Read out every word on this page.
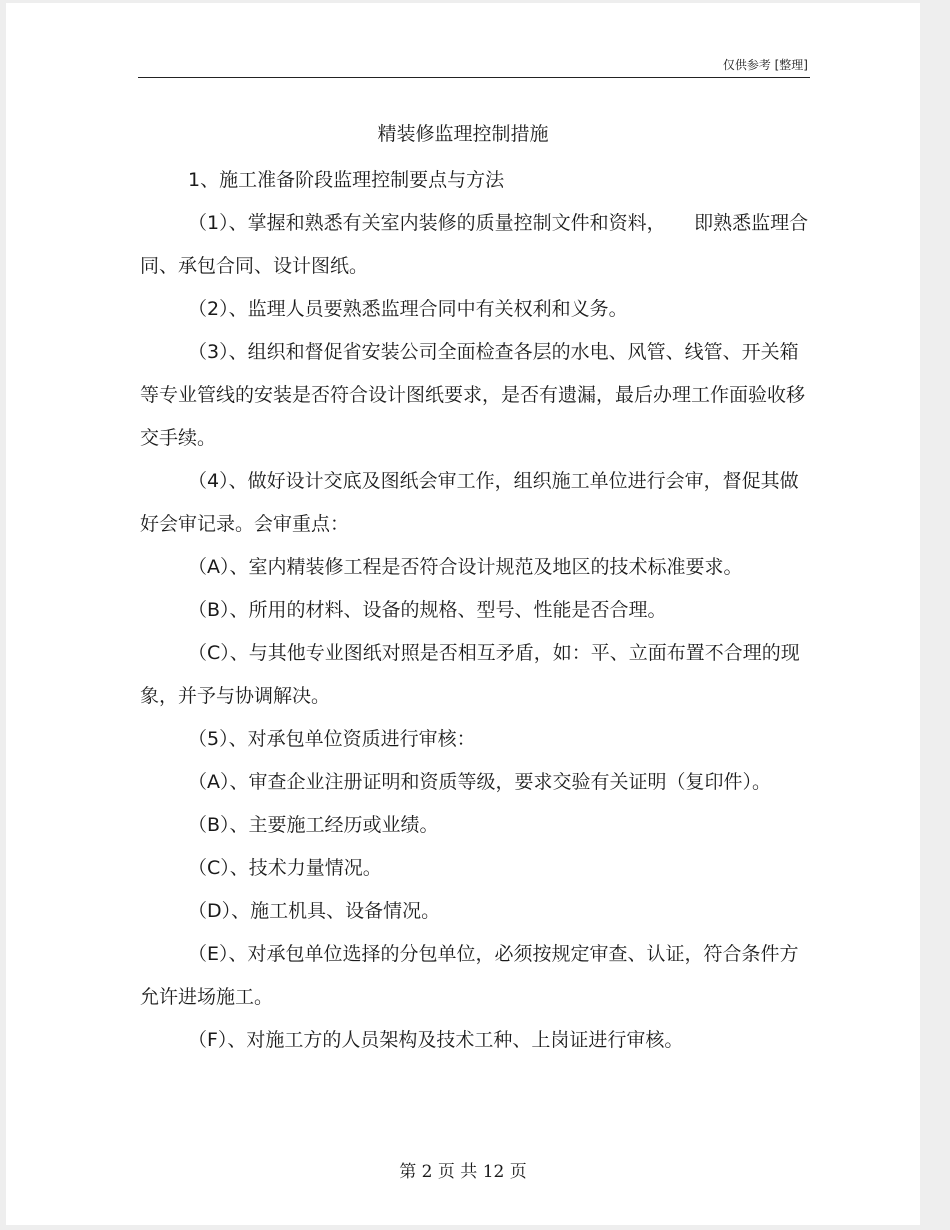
仅供参考 [整理]
精装修监理控制措施

1、施工准备阶段监理控制要点与方法

（1）、掌握和熟悉有关室内装修的质量控制文件和资料，　　即熟悉监理合同、承包合同、设计图纸。

（2）、监理人员要熟悉监理合同中有关权利和义务。

（3）、组织和督促省安装公司全面检查各层的水电、风管、线管、开关箱等专业管线的安装是否符合设计图纸要求，是否有遗漏，最后办理工作面验收移交手续。

（4）、做好设计交底及图纸会审工作，组织施工单位进行会审，督促其做好会审记录。会审重点：

（A）、室内精装修工程是否符合设计规范及地区的技术标准要求。

（B）、所用的材料、设备的规格、型号、性能是否合理。

（C）、与其他专业图纸对照是否相互矛盾，如：平、立面布置不合理的现象，并予与协调解决。

（5）、对承包单位资质进行审核：

（A）、审查企业注册证明和资质等级，要求交验有关证明（复印件）。

（B）、主要施工经历或业绩。

（C）、技术力量情况。

（D）、施工机具、设备情况。

（E）、对承包单位选择的分包单位，必须按规定审查、认证，符合条件方允许进场施工。

（F）、对施工方的人员架构及技术工种、上岗证进行审核。

第 2 页 共 12 页
